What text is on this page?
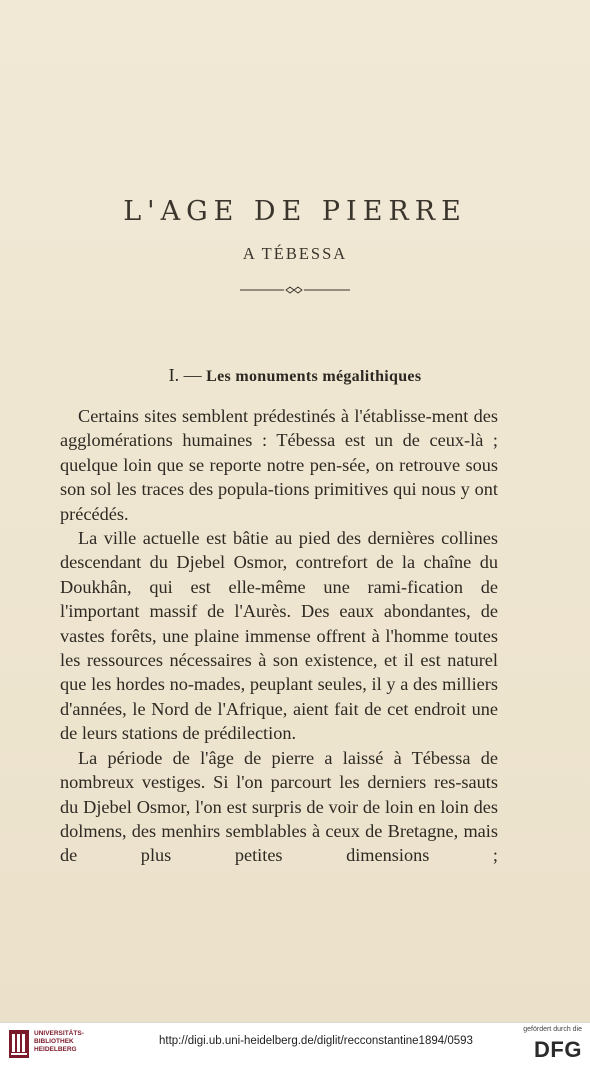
L'AGE DE PIERRE
A TÉBESSA
I. — Les monuments mégalithiques

Certains sites semblent prédestinés à l'établisse-ment des agglomérations humaines : Tébessa est un de ceux-là ; quelque loin que se reporte notre pen-sée, on retrouve sous son sol les traces des popula-tions primitives qui nous y ont précédés.

La ville actuelle est bâtie au pied des dernières collines descendant du Djebel Osmor, contrefort de la chaîne du Doukhân, qui est elle-même une rami-fication de l'important massif de l'Aurès. Des eaux abondantes, de vastes forêts, une plaine immense offrent à l'homme toutes les ressources nécessaires à son existence, et il est naturel que les hordes no-mades, peuplant seules, il y a des milliers d'années, le Nord de l'Afrique, aient fait de cet endroit une de leurs stations de prédilection.

La période de l'âge de pierre a laissé à Tébessa de nombreux vestiges. Si l'on parcourt les derniers res-sauts du Djebel Osmor, l'on est surpris de voir de loin en loin des dolmens, des menhirs semblables à ceux de Bretagne, mais de plus petites dimensions ;

UNIVERSITÄTS-
BIBLIOTHEK
HEIDELBERG
http://digi.ub.uni-heidelberg.de/diglit/recconstantine1894/0593
gefördert durch die
DFG
